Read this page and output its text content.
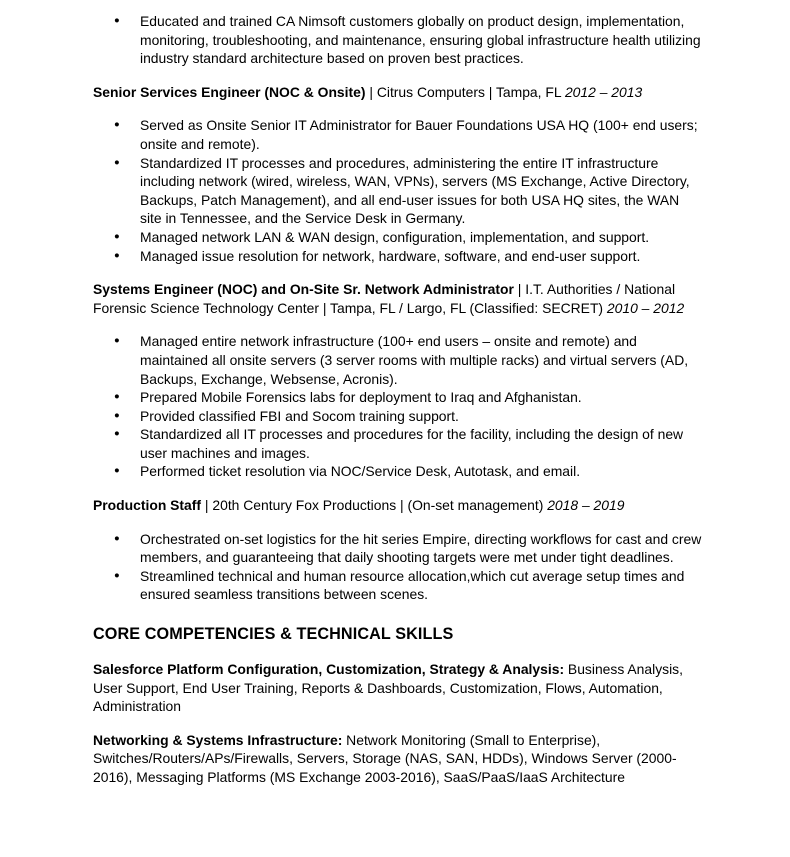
● Educated and trained CA Nimsoft customers globally on product design, implementation, monitoring, troubleshooting, and maintenance, ensuring global infrastructure health utilizing industry standard architecture based on proven best practices.

Senior Services Engineer (NOC & Onsite) | Citrus Computers | Tampa, FL 2012 – 2013

● Served as Onsite Senior IT Administrator for Bauer Foundations USA HQ (100+ end users; onsite and remote).
● Standardized IT processes and procedures, administering the entire IT infrastructure including network (wired, wireless, WAN, VPNs), servers (MS Exchange, Active Directory, Backups, Patch Management), and all end-user issues for both USA HQ sites, the WAN site in Tennessee, and the Service Desk in Germany.
● Managed network LAN & WAN design, configuration, implementation, and support.
● Managed issue resolution for network, hardware, software, and end-user support.

Systems Engineer (NOC) and On-Site Sr. Network Administrator | I.T. Authorities / National Forensic Science Technology Center | Tampa, FL / Largo, FL (Classified: SECRET) 2010 – 2012

● Managed entire network infrastructure (100+ end users – onsite and remote) and maintained all onsite servers (3 server rooms with multiple racks) and virtual servers (AD, Backups, Exchange, Websense, Acronis).
● Prepared Mobile Forensics labs for deployment to Iraq and Afghanistan.
● Provided classified FBI and Socom training support.
● Standardized all IT processes and procedures for the facility, including the design of new user machines and images.
● Performed ticket resolution via NOC/Service Desk, Autotask, and email.

Production Staff | 20th Century Fox Productions | (On-set management) 2018 – 2019

● Orchestrated on-set logistics for the hit series Empire, directing workflows for cast and crew members, and guaranteeing that daily shooting targets were met under tight deadlines.
● Streamlined technical and human resource allocation,which cut average setup times and ensured seamless transitions between scenes.

CORE COMPETENCIES & TECHNICAL SKILLS

Salesforce Platform Configuration, Customization, Strategy & Analysis: Business Analysis, User Support, End User Training, Reports & Dashboards, Customization, Flows, Automation, Administration

Networking & Systems Infrastructure: Network Monitoring (Small to Enterprise), Switches/Routers/APs/Firewalls, Servers, Storage (NAS, SAN, HDDs), Windows Server (2000-2016), Messaging Platforms (MS Exchange 2003-2016), SaaS/PaaS/IaaS Architecture
